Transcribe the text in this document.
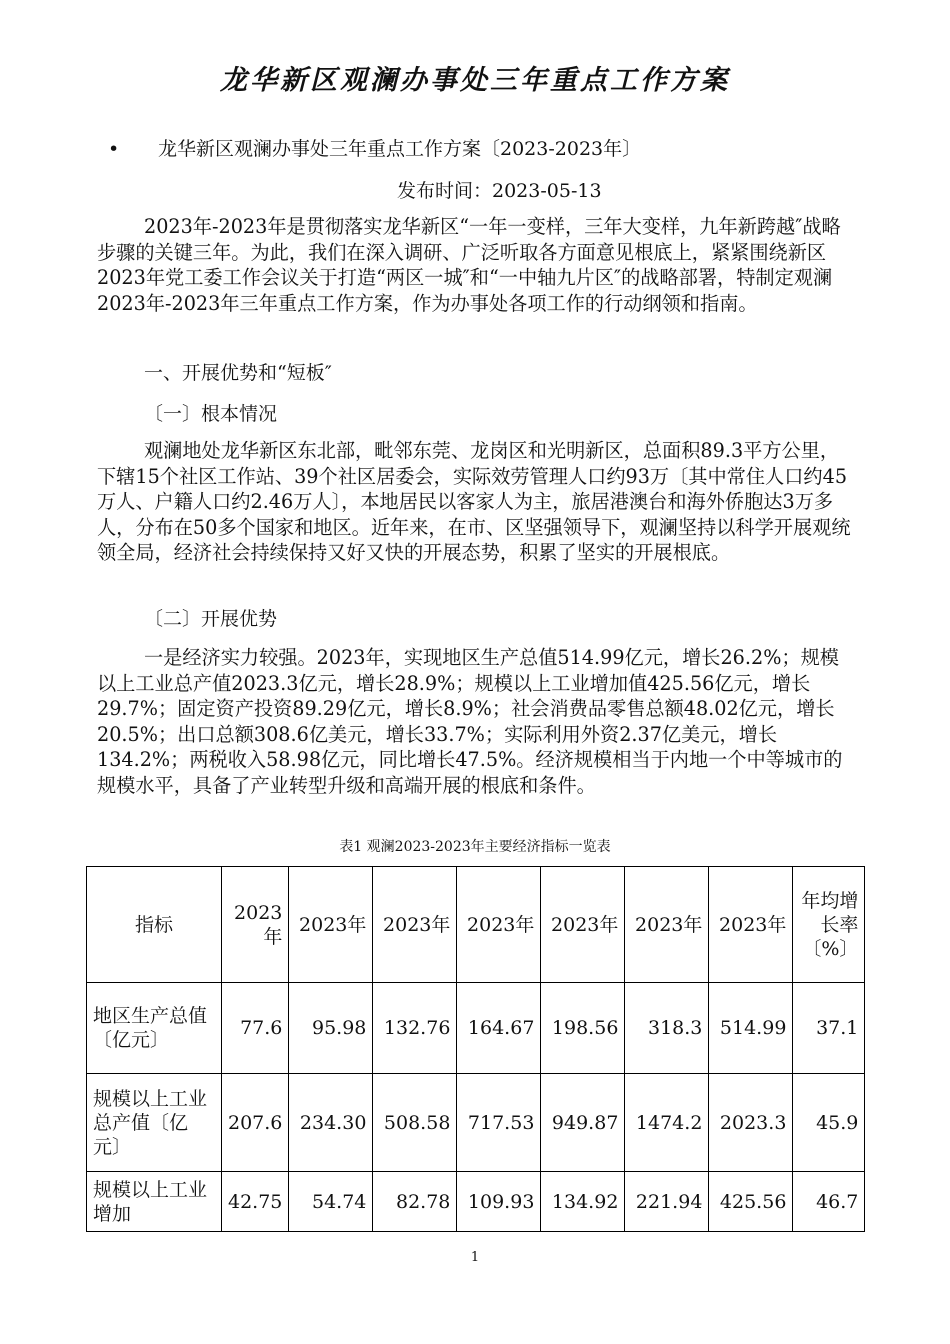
龙华新区观澜办事处三年重点工作方案
• 龙华新区观澜办事处三年重点工作方案〔2023-2023年〕
发布时间：2023-05-13

2023年-2023年是贯彻落实龙华新区“一年一变样，三年大变样，九年新跨越″战略步骤的关键三年。为此，我们在深入调研、广泛听取各方面意见根底上，紧紧围绕新区2023年党工委工作会议关于打造“两区一城″和“一中轴九片区″的战略部署，特制定观澜2023年-2023年三年重点工作方案，作为办事处各项工作的行动纲领和指南。

一、开展优势和“短板″
〔一〕根本情况

观澜地处龙华新区东北部，毗邻东莞、龙岗区和光明新区，总面积89.3平方公里，下辖15个社区工作站、39个社区居委会，实际效劳管理人口约93万〔其中常住人口约45万人、户籍人口约2.46万人〕，本地居民以客家人为主，旅居港澳台和海外侨胞达3万多人，分布在50多个国家和地区。近年来，在市、区坚强领导下，观澜坚持以科学开展观统领全局，经济社会持续保持又好又快的开展态势，积累了坚实的开展根底。

〔二〕开展优势

一是经济实力较强。2023年，实现地区生产总值514.99亿元，增长26.2%；规模以上工业总产值2023.3亿元，增长28.9%；规模以上工业增加值425.56亿元，增长29.7%；固定资产投资89.29亿元，增长8.9%；社会消费品零售总额48.02亿元，增长20.5%；出口总额308.6亿美元，增长33.7%；实际利用外资2.37亿美元，增长134.2%；两税收入58.98亿元，同比增长47.5%。经济规模相当于内地一个中等城市的规模水平，具备了产业转型升级和高端开展的根底和条件。

表1 观澜2023-2023年主要经济指标一览表
指标	2023年	2023年	2023年	2023年	2023年	2023年	2023年	年均增长率〔%〕
地区生产总值〔亿元〕	77.6	95.98	132.76	164.67	198.56	318.3	514.99	37.1
规模以上工业总产值〔亿元〕	207.6	234.30	508.58	717.53	949.87	1474.2	2023.3	45.9
规模以上工业增加	42.75	54.74	82.78	109.93	134.92	221.94	425.56	46.7
1
